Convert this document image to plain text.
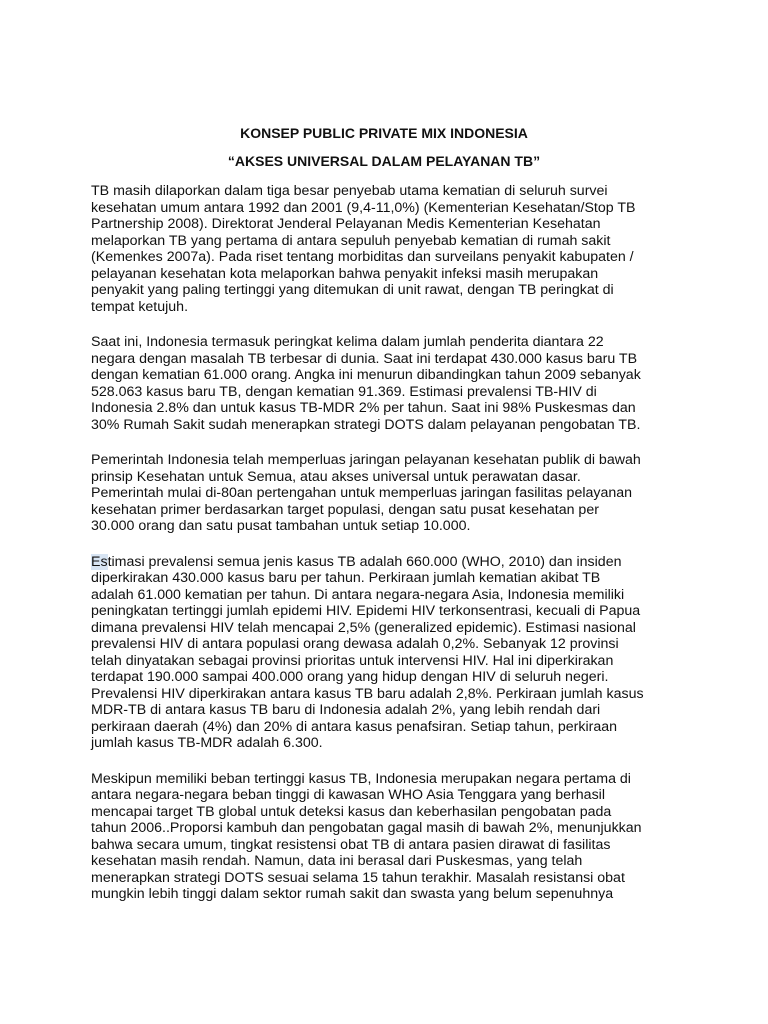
KONSEP PUBLIC PRIVATE MIX INDONESIA
“AKSES UNIVERSAL DALAM PELAYANAN TB”

TB masih dilaporkan dalam tiga besar penyebab utama kematian di seluruh survei
kesehatan umum antara 1992 dan 2001 (9,4-11,0%) (Kementerian Kesehatan/Stop TB
Partnership 2008). Direktorat Jenderal Pelayanan Medis Kementerian Kesehatan
melaporkan TB yang pertama di antara sepuluh penyebab kematian di rumah sakit
(Kemenkes 2007a). Pada riset tentang morbiditas dan surveilans penyakit kabupaten /
pelayanan kesehatan kota melaporkan bahwa penyakit infeksi masih merupakan
penyakit yang paling tertinggi yang ditemukan di unit rawat, dengan TB peringkat di
tempat ketujuh.

Saat ini, Indonesia termasuk peringkat kelima dalam jumlah penderita diantara 22
negara dengan masalah TB terbesar di dunia. Saat ini terdapat 430.000 kasus baru TB
dengan kematian 61.000 orang. Angka ini menurun dibandingkan tahun 2009 sebanyak
528.063 kasus baru TB, dengan kematian 91.369. Estimasi prevalensi TB-HIV di
Indonesia 2.8% dan untuk kasus TB-MDR 2% per tahun. Saat ini 98% Puskesmas dan
30% Rumah Sakit sudah menerapkan strategi DOTS dalam pelayanan pengobatan TB.

Pemerintah Indonesia telah memperluas jaringan pelayanan kesehatan publik di bawah
prinsip Kesehatan untuk Semua, atau akses universal untuk perawatan dasar.
Pemerintah mulai di-80an pertengahan untuk memperluas jaringan fasilitas pelayanan
kesehatan primer berdasarkan target populasi, dengan satu pusat kesehatan per
30.000 orang dan satu pusat tambahan untuk setiap 10.000.

Estimasi prevalensi semua jenis kasus TB adalah 660.000 (WHO, 2010) dan insiden
diperkirakan 430.000 kasus baru per tahun. Perkiraan jumlah kematian akibat TB
adalah 61.000 kematian per tahun. Di antara negara-negara Asia, Indonesia memiliki
peningkatan tertinggi jumlah epidemi HIV. Epidemi HIV terkonsentrasi, kecuali di Papua
dimana prevalensi HIV telah mencapai 2,5% (generalized epidemic). Estimasi nasional
prevalensi HIV di antara populasi orang dewasa adalah 0,2%. Sebanyak 12 provinsi
telah dinyatakan sebagai provinsi prioritas untuk intervensi HIV. Hal ini diperkirakan
terdapat 190.000 sampai 400.000 orang yang hidup dengan HIV di seluruh negeri.
Prevalensi HIV diperkirakan antara kasus TB baru adalah 2,8%. Perkiraan jumlah kasus
MDR-TB di antara kasus TB baru di Indonesia adalah 2%, yang lebih rendah dari
perkiraan daerah (4%) dan 20% di antara kasus penafsiran. Setiap tahun, perkiraan
jumlah kasus TB-MDR adalah 6.300.

Meskipun memiliki beban tertinggi kasus TB, Indonesia merupakan negara pertama di
antara negara-negara beban tinggi di kawasan WHO Asia Tenggara yang berhasil
mencapai target TB global untuk deteksi kasus dan keberhasilan pengobatan pada
tahun 2006..Proporsi kambuh dan pengobatan gagal masih di bawah 2%, menunjukkan
bahwa secara umum, tingkat resistensi obat TB di antara pasien dirawat di fasilitas
kesehatan masih rendah. Namun, data ini berasal dari Puskesmas, yang telah
menerapkan strategi DOTS sesuai selama 15 tahun terakhir. Masalah resistansi obat
mungkin lebih tinggi dalam sektor rumah sakit dan swasta yang belum sepenuhnya
